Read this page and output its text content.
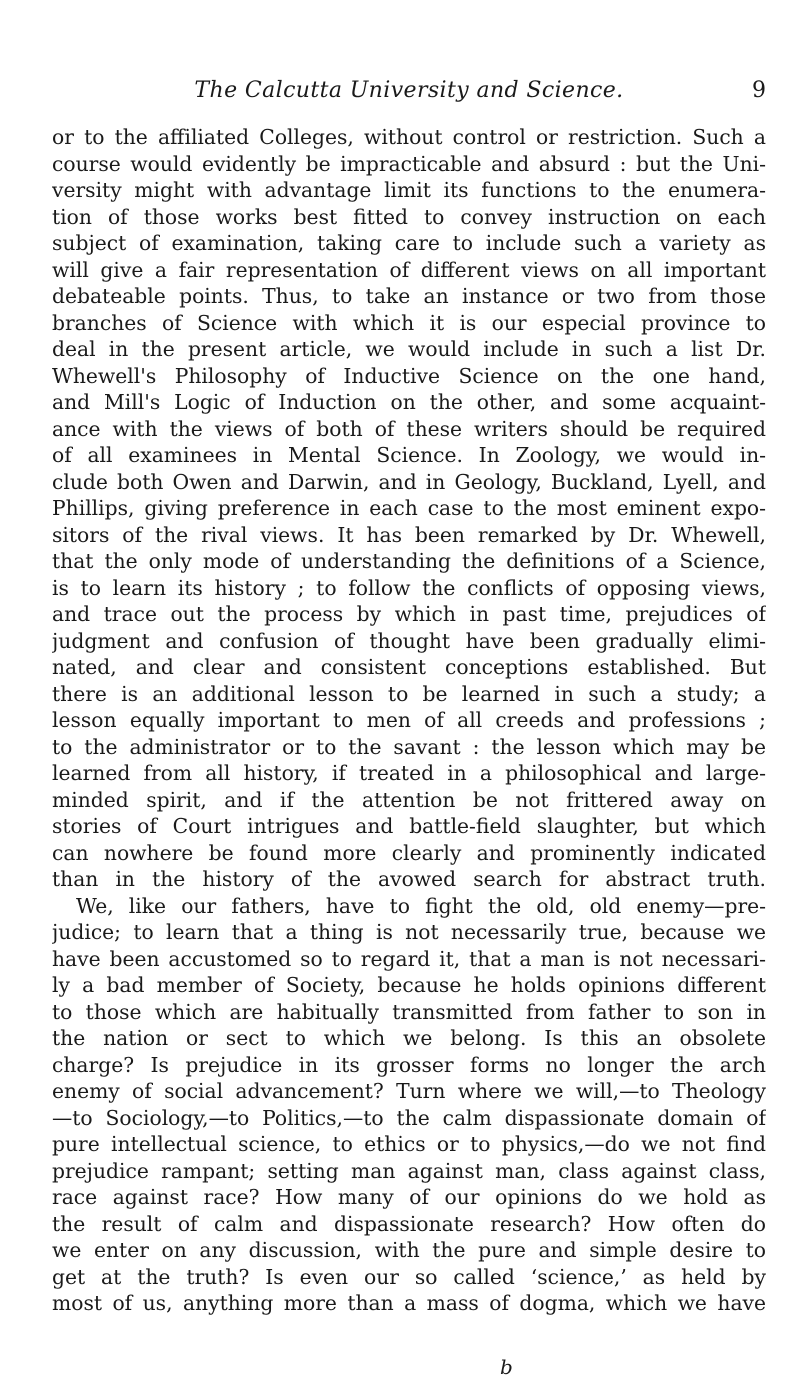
The Calcutta University and Science.	9
or to the affiliated Colleges, without control or restriction. Such a
course would evidently be impracticable and absurd : but the Uni-
versity might with advantage limit its functions to the enumera-
tion of those works best fitted to convey instruction on each
subject of examination, taking care to include such a variety as
will give a fair representation of different views on all important
debateable points. Thus, to take an instance or two from those
branches of Science with which it is our especial province to
deal in the present article, we would include in such a list Dr.
Whewell's Philosophy of Inductive Science on the one hand,
and Mill's Logic of Induction on the other, and some acquaint-
ance with the views of both of these writers should be required
of all examinees in Mental Science. In Zoology, we would in-
clude both Owen and Darwin, and in Geology, Buckland, Lyell, and
Phillips, giving preference in each case to the most eminent expo-
sitors of the rival views. It has been remarked by Dr. Whewell,
that the only mode of understanding the definitions of a Science,
is to learn its history ; to follow the conflicts of opposing views,
and trace out the process by which in past time, prejudices of
judgment and confusion of thought have been gradually elimi-
nated, and clear and consistent conceptions established. But
there is an additional lesson to be learned in such a study; a
lesson equally important to men of all creeds and professions ;
to the administrator or to the savant : the lesson which may be
learned from all history, if treated in a philosophical and large-
minded spirit, and if the attention be not frittered away on
stories of Court intrigues and battle-field slaughter, but which
can nowhere be found more clearly and prominently indicated
than in the history of the avowed search for abstract truth.
We, like our fathers, have to fight the old, old enemy—pre-
judice; to learn that a thing is not necessarily true, because we
have been accustomed so to regard it, that a man is not necessari-
ly a bad member of Society, because he holds opinions different
to those which are habitually transmitted from father to son in
the nation or sect to which we belong. Is this an obsolete
charge? Is prejudice in its grosser forms no longer the arch
enemy of social advancement? Turn where we will,—to Theology
—to Sociology,—to Politics,—to the calm dispassionate domain of
pure intellectual science, to ethics or to physics,—do we not find
prejudice rampant; setting man against man, class against class,
race against race? How many of our opinions do we hold as
the result of calm and dispassionate research? How often do
we enter on any discussion, with the pure and simple desire to
get at the truth? Is even our so called ‘science,’ as held by
most of us, anything more than a mass of dogma, which we have
b
